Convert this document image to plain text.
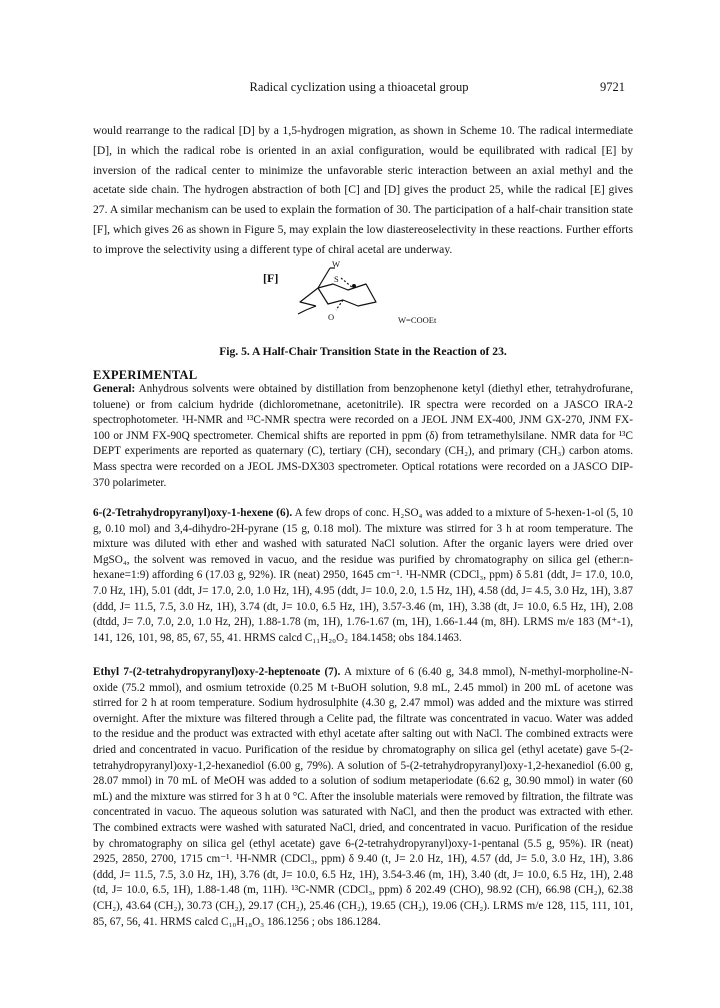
Radical cyclization using a thioacetal group	9721

would rearrange to the radical [D] by a 1,5-hydrogen migration, as shown in Scheme 10. The radical intermediate [D], in which the radical robe is oriented in an axial configuration, would be equilibrated with radical [E] by inversion of the radical center to minimize the unfavorable steric interaction between an axial methyl and the acetate side chain. The hydrogen abstraction of both [C] and [D] gives the product 25, while the radical [E] gives 27. A similar mechanism can be used to explain the formation of 30. The participation of a half-chair transition state [F], which gives 26 as shown in Figure 5, may explain the low diastereoselectivity in these reactions. Further efforts to improve the selectivity using a different type of chiral acetal are underway.

[F]
W
S
O	W=COOEt

Fig. 5. A Half-Chair Transition State in the Reaction of 23.

EXPERIMENTAL

General: Anhydrous solvents were obtained by distillation from benzophenone ketyl (diethyl ether, tetrahydrofurane, toluene) or from calcium hydride (dichlorometnane, acetonitrile). IR spectra were recorded on a JASCO IRA-2 spectrophotometer. ¹H-NMR and ¹³C-NMR spectra were recorded on a JEOL JNM EX-400, JNM GX-270, JNM FX-100 or JNM FX-90Q spectrometer. Chemical shifts are reported in ppm (δ) from tetramethylsilane. NMR data for ¹³C DEPT experiments are reported as quaternary (C), tertiary (CH), secondary (CH₂), and primary (CH₃) carbon atoms. Mass spectra were recorded on a JEOL JMS-DX303 spectrometer. Optical rotations were recorded on a JASCO DIP-370 polarimeter.

6-(2-Tetrahydropyranyl)oxy-1-hexene (6). A few drops of conc. H₂SO₄ was added to a mixture of 5-hexen-1-ol (5, 10 g, 0.10 mol) and 3,4-dihydro-2H-pyrane (15 g, 0.18 mol). The mixture was stirred for 3 h at room temperature. The mixture was diluted with ether and washed with saturated NaCl solution. After the organic layers were dried over MgSO₄, the solvent was removed in vacuo, and the residue was purified by chromatography on silica gel (ether:n-hexane=1:9) affording 6 (17.03 g, 92%). IR (neat) 2950, 1645 cm⁻¹. ¹H-NMR (CDCl₃, ppm) δ 5.81 (ddt, J= 17.0, 10.0, 7.0 Hz, 1H), 5.01 (ddt, J= 17.0, 2.0, 1.0 Hz, 1H), 4.95 (ddt, J= 10.0, 2.0, 1.5 Hz, 1H), 4.58 (dd, J= 4.5, 3.0 Hz, 1H), 3.87 (ddd, J= 11.5, 7.5, 3.0 Hz, 1H), 3.74 (dt, J= 10.0, 6.5 Hz, 1H), 3.57-3.46 (m, 1H), 3.38 (dt, J= 10.0, 6.5 Hz, 1H), 2.08 (dtdd, J= 7.0, 7.0, 2.0, 1.0 Hz, 2H), 1.88-1.78 (m, 1H), 1.76-1.67 (m, 1H), 1.66-1.44 (m, 8H). LRMS m/e 183 (M⁺-1), 141, 126, 101, 98, 85, 67, 55, 41. HRMS calcd C₁₁H₂₀O₂ 184.1458; obs 184.1463.

Ethyl 7-(2-tetrahydropyranyl)oxy-2-heptenoate (7). A mixture of 6 (6.40 g, 34.8 mmol), N-methyl-morpholine-N-oxide (75.2 mmol), and osmium tetroxide (0.25 M t-BuOH solution, 9.8 mL, 2.45 mmol) in 200 mL of acetone was stirred for 2 h at room temperature. Sodium hydrosulphite (4.30 g, 2.47 mmol) was added and the mixture was stirred overnight. After the mixture was filtered through a Celite pad, the filtrate was concentrated in vacuo. Water was added to the residue and the product was extracted with ethyl acetate after salting out with NaCl. The combined extracts were dried and concentrated in vacuo. Purification of the residue by chromatography on silica gel (ethyl acetate) gave 5-(2-tetrahydropyranyl)oxy-1,2-hexanediol (6.00 g, 79%). A solution of 5-(2-tetrahydropyranyl)oxy-1,2-hexanediol (6.00 g, 28.07 mmol) in 70 mL of MeOH was added to a solution of sodium metaperiodate (6.62 g, 30.90 mmol) in water (60 mL) and the mixture was stirred for 3 h at 0 °C. After the insoluble materials were removed by filtration, the filtrate was concentrated in vacuo. The aqueous solution was saturated with NaCl, and then the product was extracted with ether. The combined extracts were washed with saturated NaCl, dried, and concentrated in vacuo. Purification of the residue by chromatography on silica gel (ethyl acetate) gave 6-(2-tetrahydropyranyl)oxy-1-pentanal (5.5 g, 95%). IR (neat) 2925, 2850, 2700, 1715 cm⁻¹. ¹H-NMR (CDCl₃, ppm) δ 9.40 (t, J= 2.0 Hz, 1H), 4.57 (dd, J= 5.0, 3.0 Hz, 1H), 3.86 (ddd, J= 11.5, 7.5, 3.0 Hz, 1H), 3.76 (dt, J= 10.0, 6.5 Hz, 1H), 3.54-3.46 (m, 1H), 3.40 (dt, J= 10.0, 6.5 Hz, 1H), 2.48 (td, J= 10.0, 6.5, 1H), 1.88-1.48 (m, 11H). ¹³C-NMR (CDCl₃, ppm) δ 202.49 (CHO), 98.92 (CH), 66.98 (CH₂), 62.38 (CH₂), 43.64 (CH₂), 30.73 (CH₂), 29.17 (CH₂), 25.46 (CH₂), 19.65 (CH₂), 19.06 (CH₂). LRMS m/e 128, 115, 111, 101, 85, 67, 56, 41. HRMS calcd C₁₀H₁₈O₃ 186.1256 ; obs 186.1284.
